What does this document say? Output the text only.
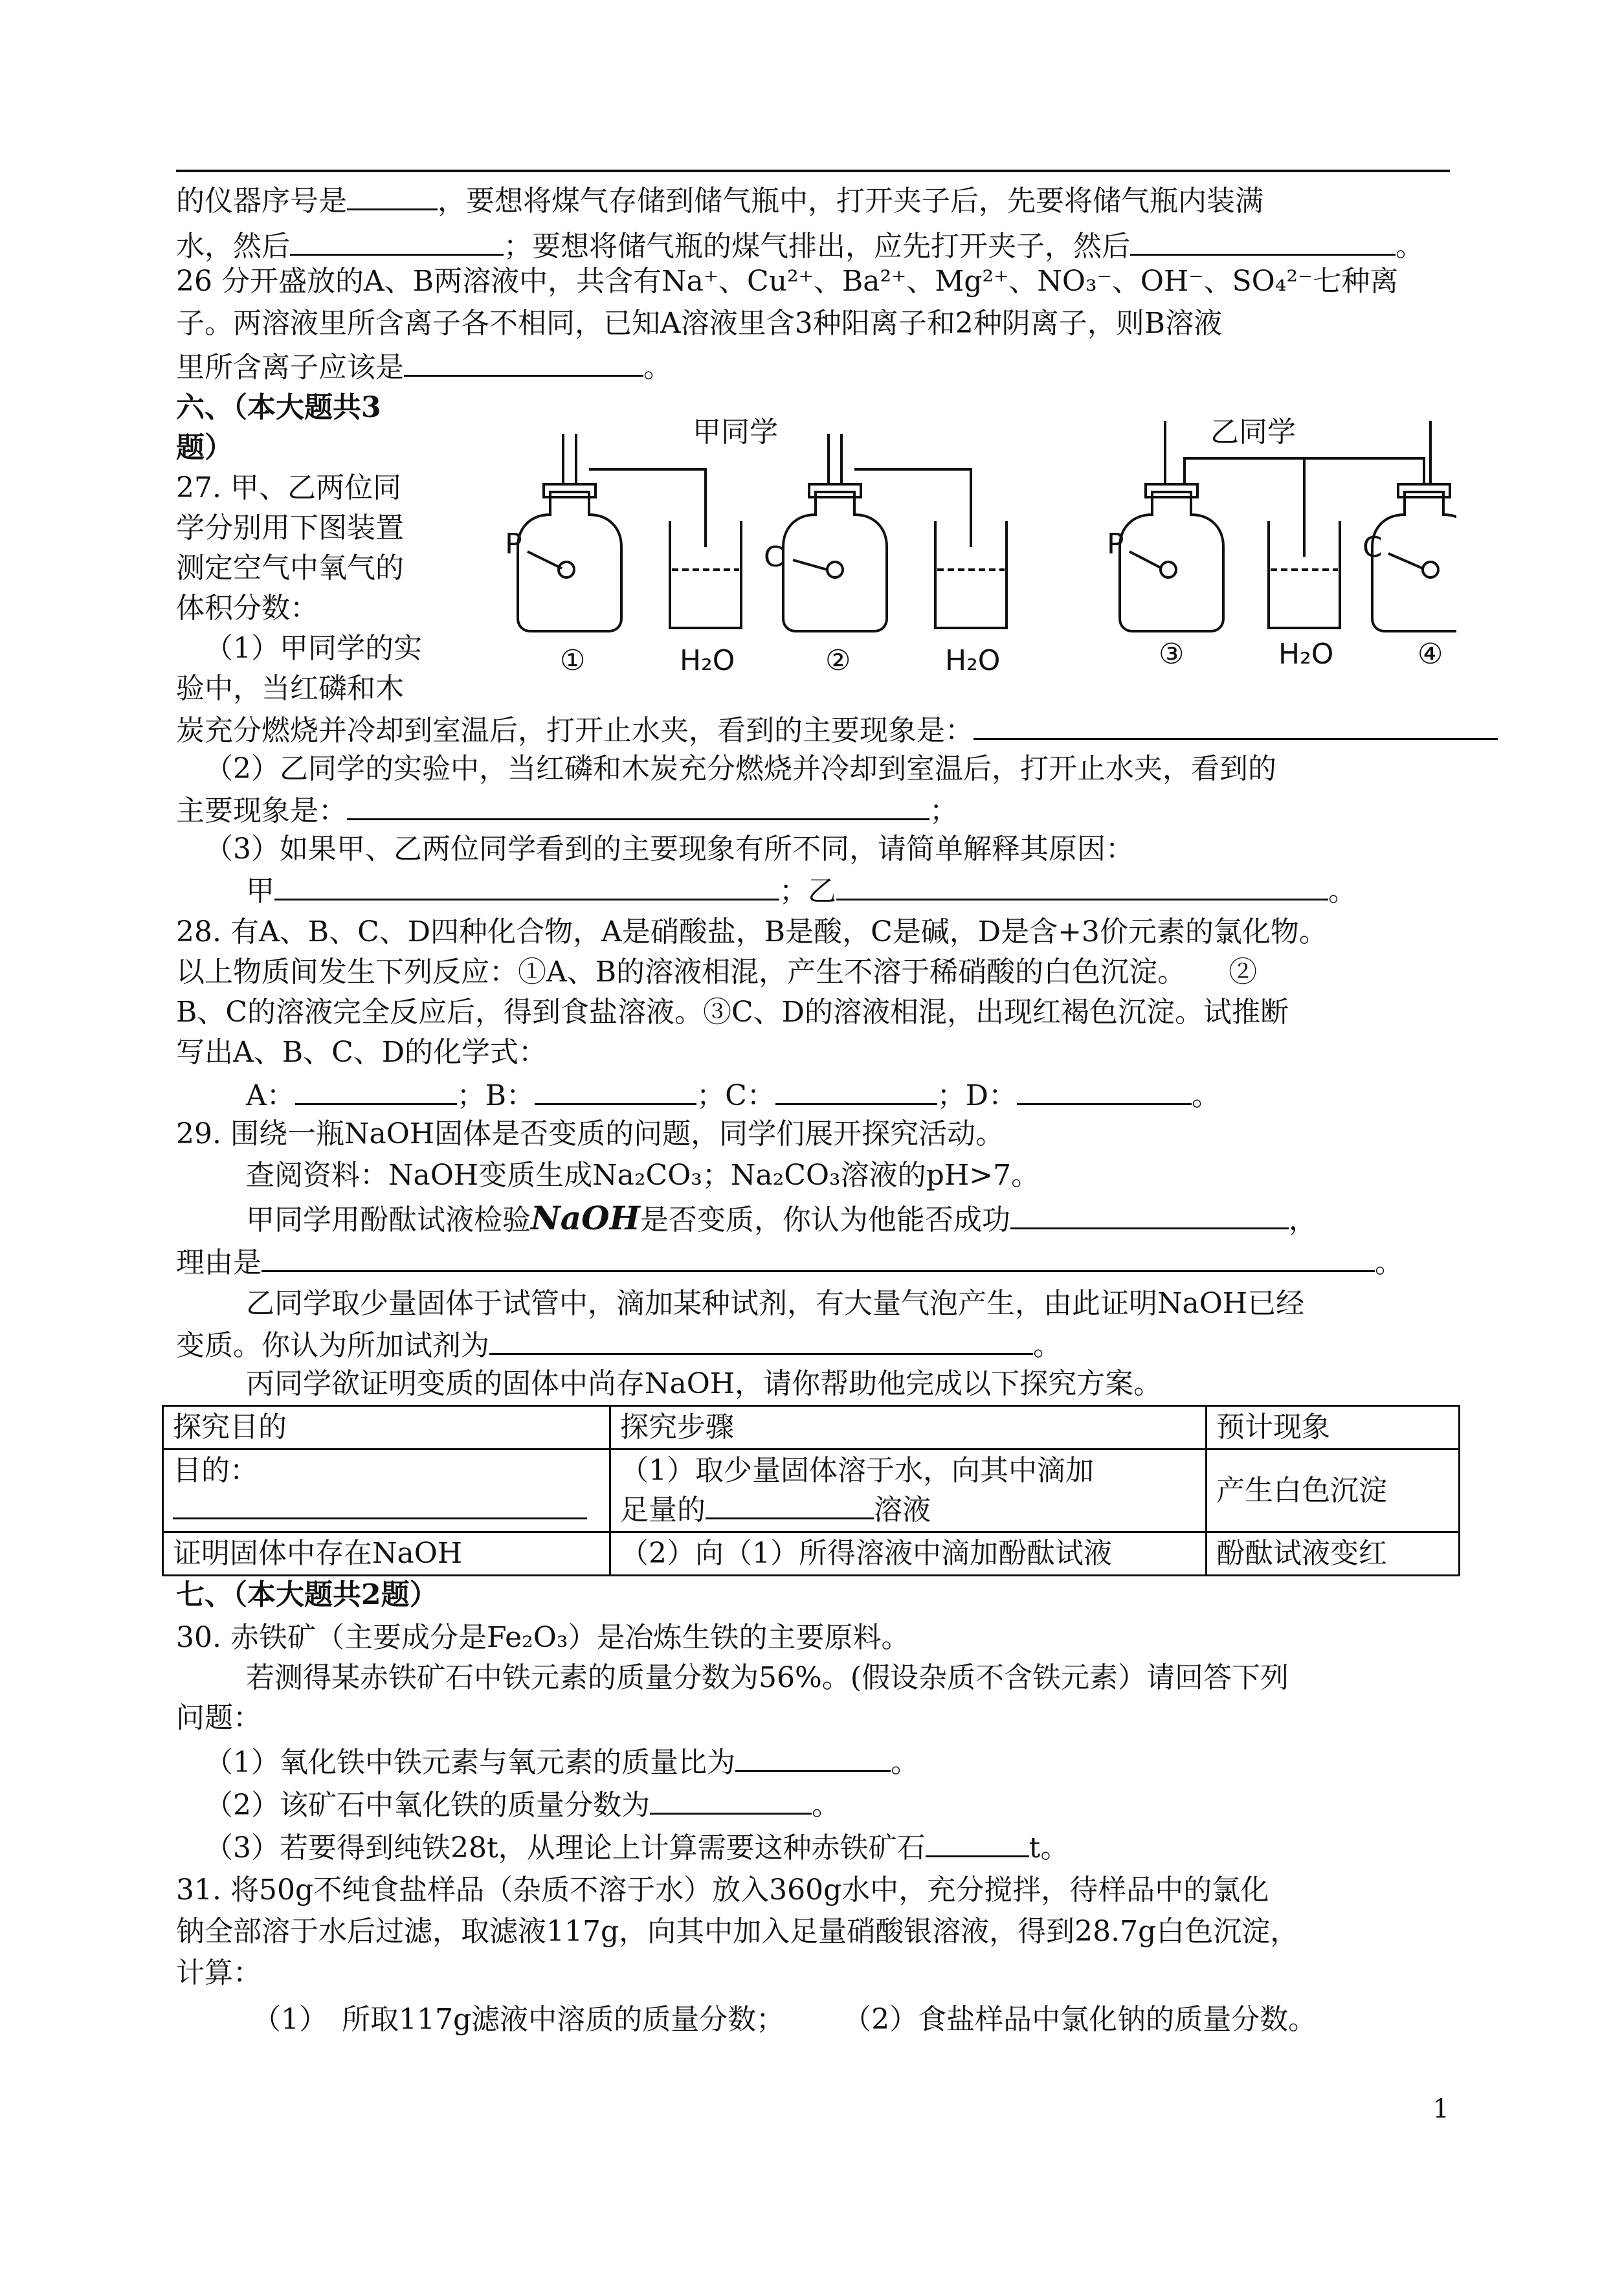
的仪器序号是	，要想将煤气存储到储气瓶中，打开夹子后，先要将储气瓶内装满
水，然后	；要想将储气瓶的煤气排出，应先打开夹子，然后	。
26 分开盛放的A、B两溶液中，共含有Na⁺、Cu²⁺、Ba²⁺、Mg²⁺、NO₃⁻、OH⁻、SO₄²⁻七种离
子。两溶液里所含离子各不相同，已知A溶液里含3种阳离子和2种阴离子，则B溶液
里所含离子应该是	。
六、（本大题共3
题）
27. 甲、乙两位同
学分别用下图装置
测定空气中氧气的
体积分数：
（1）甲同学的实
验中，当红磷和木
甲同学	乙同学
P	C	P	C
①	H₂O	②	H₂O	③	H₂O	④
炭充分燃烧并冷却到室温后，打开止水夹，看到的主要现象是：
（2）乙同学的实验中，当红磷和木炭充分燃烧并冷却到室温后，打开止水夹，看到的
主要现象是：	；
（3）如果甲、乙两位同学看到的主要现象有所不同，请简单解释其原因：
甲	；乙	。
28. 有A、B、C、D四种化合物，A是硝酸盐，B是酸，C是碱，D是含+3价元素的氯化物。
以上物质间发生下列反应：①A、B的溶液相混，产生不溶于稀硝酸的白色沉淀。　　②
B、C的溶液完全反应后，得到食盐溶液。③C、D的溶液相混，出现红褐色沉淀。试推断
写出A、B、C、D的化学式：
A：	；B：	；C：	；D：	。
29. 围绕一瓶NaOH固体是否变质的问题，同学们展开探究活动。
查阅资料：NaOH变质生成Na₂CO₃；Na₂CO₃溶液的pH>7。
甲同学用酚酞试液检验NaOH是否变质，你认为他能否成功	，
理由是	。
乙同学取少量固体于试管中，滴加某种试剂，有大量气泡产生，由此证明NaOH已经
变质。你认为所加试剂为	。
丙同学欲证明变质的固体中尚存NaOH，请你帮助他完成以下探究方案。
探究目的	探究步骤	预计现象
目的：	（1）取少量固体溶于水，向其中滴加
足量的 溶液	产生白色沉淀
证明固体中存在NaOH	（2）向（1）所得溶液中滴加酚酞试液	酚酞试液变红
七、（本大题共2题）
30. 赤铁矿（主要成分是Fe₂O₃）是冶炼生铁的主要原料。
若测得某赤铁矿石中铁元素的质量分数为56%。(假设杂质不含铁元素）请回答下列
问题：
（1）氧化铁中铁元素与氧元素的质量比为	。
（2）该矿石中氧化铁的质量分数为	。
（3）若要得到纯铁28t，从理论上计算需要这种赤铁矿石	t。
31. 将50g不纯食盐样品（杂质不溶于水）放入360g水中，充分搅拌，待样品中的氯化
钠全部溶于水后过滤，取滤液117g，向其中加入足量硝酸银溶液，得到28.7g白色沉淀，
计算：
（1）　所取117g滤液中溶质的质量分数； （2）食盐样品中氯化钠的质量分数。
1
